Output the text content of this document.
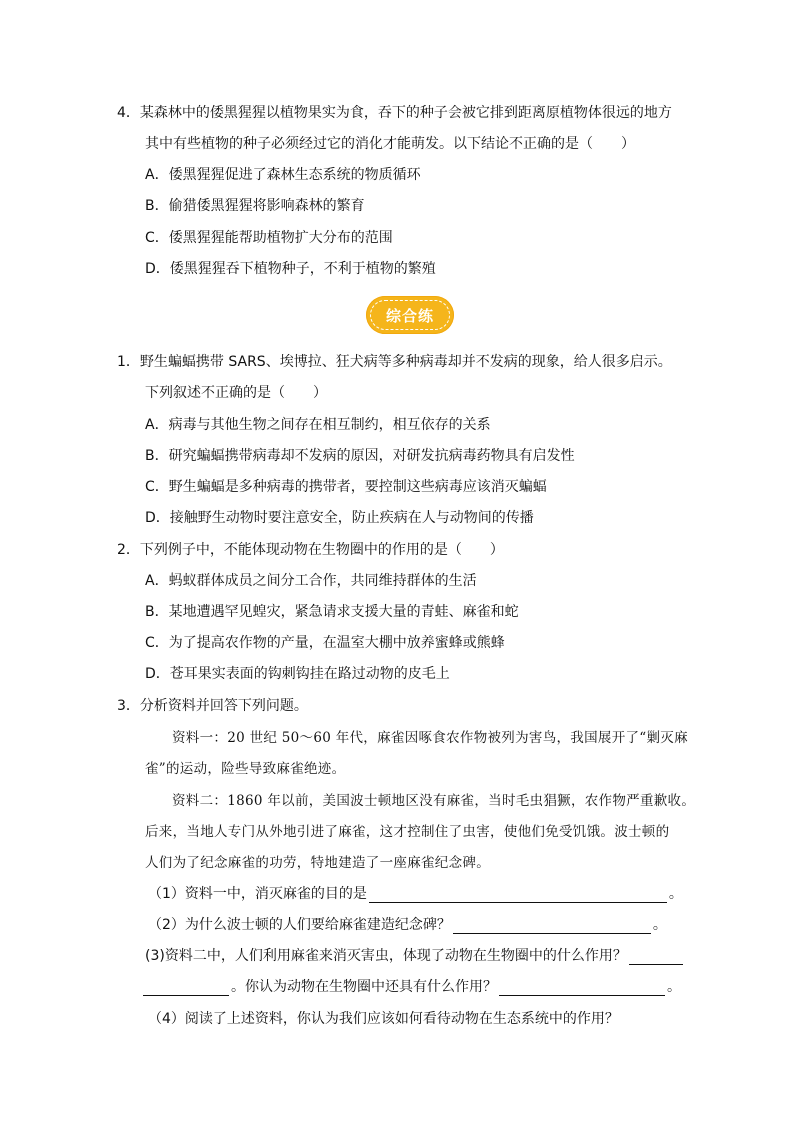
4．某森林中的倭黑猩猩以植物果实为食，吞下的种子会被它排到距离原植物体很远的地方
其中有些植物的种子必须经过它的消化才能萌发。以下结论不正确的是（　　）
A．倭黑猩猩促进了森林生态系统的物质循环
B．偷猎倭黑猩猩将影响森林的繁育
C．倭黑猩猩能帮助植物扩大分布的范围
D．倭黑猩猩吞下植物种子，不利于植物的繁殖
综合练
1．野生蝙蝠携带 SARS、埃博拉、狂犬病等多种病毒却并不发病的现象，给人很多启示。
下列叙述不正确的是（　　）
A．病毒与其他生物之间存在相互制约，相互依存的关系
B．研究蝙蝠携带病毒却不发病的原因，对研发抗病毒药物具有启发性
C．野生蝙蝠是多种病毒的携带者，要控制这些病毒应该消灭蝙蝠
D．接触野生动物时要注意安全，防止疾病在人与动物间的传播
2．下列例子中，不能体现动物在生物圈中的作用的是（　　）
A．蚂蚁群体成员之间分工合作，共同维持群体的生活
B．某地遭遇罕见蝗灾，紧急请求支援大量的青蛙、麻雀和蛇
C．为了提高农作物的产量，在温室大棚中放养蜜蜂或熊蜂
D．苍耳果实表面的钩刺钩挂在路过动物的皮毛上
3．分析资料并回答下列问题。
资料一：20 世纪 50～60 年代，麻雀因啄食农作物被列为害鸟，我国展开了“剿灭麻
雀”的运动，险些导致麻雀绝迹。
资料二：1860 年以前，美国波士顿地区没有麻雀，当时毛虫猖獗，农作物严重歉收。
后来，当地人专门从外地引进了麻雀，这才控制住了虫害，使他们免受饥饿。波士顿的
人们为了纪念麻雀的功劳，特地建造了一座麻雀纪念碑。
（1）资料一中，消灭麻雀的目的是	。
（2）为什么波士顿的人们要给麻雀建造纪念碑？	。
(3)资料二中，人们利用麻雀来消灭害虫，体现了动物在生物圈中的什么作用？
。你认为动物在生物圈中还具有什么作用？	。
（4）阅读了上述资料，你认为我们应该如何看待动物在生态系统中的作用？
